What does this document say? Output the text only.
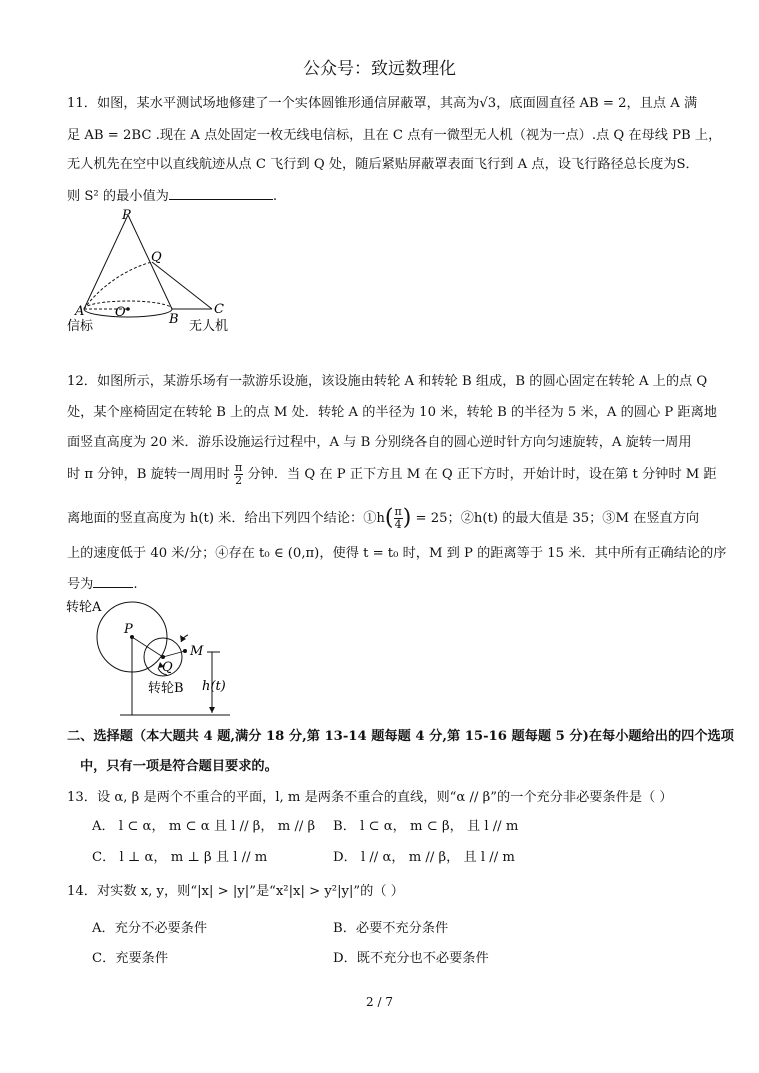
公众号：致远数理化
11．如图，某水平测试场地修建了一个实体圆锥形通信屏蔽罩，其高为√3，底面圆直径 AB = 2，且点 A 满
足 AB = 2BC .现在 A 点处固定一枚无线电信标，且在 C 点有一微型无人机（视为一点）.点 Q 在母线 PB 上，
无人机先在空中以直线航迹从点 C 飞行到 Q 处，随后紧贴屏蔽罩表面飞行到 A 点，设飞行路径总长度为S．
则 S² 的最小值为	.
P
Q
A O	B
C
信标	无人机
12．如图所示，某游乐场有一款游乐设施，该设施由转轮 A 和转轮 B 组成，B 的圆心固定在转轮 A 上的点 Q
处，某个座椅固定在转轮 B 上的点 M 处．转轮 A 的半径为 10 米，转轮 B 的半径为 5 米，A 的圆心 P 距离地
面竖直高度为 20 米．游乐设施运行过程中，A 与 B 分别绕各自的圆心逆时针方向匀速旋转，A 旋转一周用
时 π 分钟，B 旋转一周用时 $\frac{\pi}{2}$ 分钟．当 Q 在 P 正下方且 M 在 Q 正下方时，开始计时，设在第 t 分钟时 M 距
离地面的竖直高度为 h(t) 米．给出下列四个结论：①h( $\frac{\pi}{4}$ ) = 25；②h(t) 的最大值是 35；③M 在竖直方向
上的速度低于 40 米/分；④存在 t₀ ∈ (0,π)，使得 t = t₀ 时，M 到 P 的距离等于 15 米．其中所有正确结论的序
号为	.
转轮A
P
Q
M
转轮B h(t)
二、选择题（本大题共 4 题,满分 18 分,第 13-14 题每题 4 分,第 15-16 题每题 5 分)在每小题给出的四个选项
中，只有一项是符合题目要求的。
13．设 α, β 是两个不重合的平面，l, m 是两条不重合的直线，则“α // β”的一个充分非必要条件是（ ）
A． l ⊂ α， m ⊂ α 且 l // β， m // β B． l ⊂ α， m ⊂ β， 且 l // m
C． l ⊥ α， m ⊥ β 且 l // m	D． l // α， m // β， 且 l // m
14．对实数 x, y，则“|x| > |y|”是“x²|x| > y²|y|”的（ ）
A．充分不必要条件	B．必要不充分条件
C．充要条件	D．既不充分也不必要条件
2 / 7
